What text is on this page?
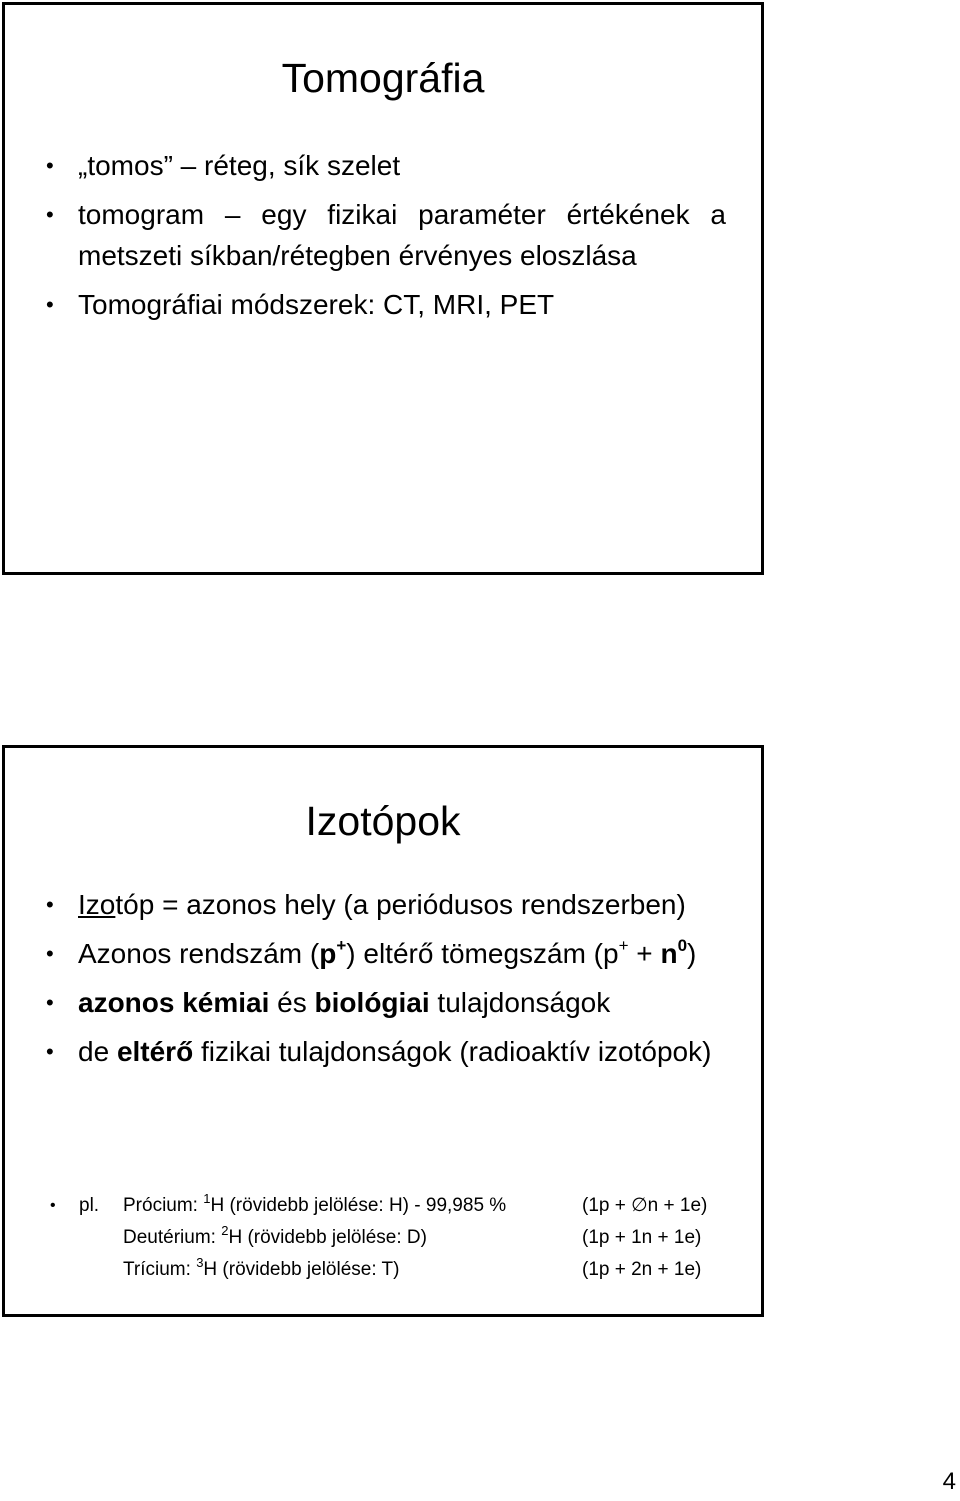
Tomográfia
• „tomos” – réteg, sík szelet
• tomogram – egy fizikai paraméter értékének a metszeti síkban/rétegben érvényes eloszlása
• Tomográfiai módszerek: CT, MRI, PET
Izotópok
• Izotóp = azonos hely (a periódusos rendszerben)
• Azonos rendszám (p+) eltérő tömegszám $(p^+ + n^0)$
• azonos kémiai és biológiai tulajdonságok
• de eltérő fizikai tulajdonságok (radioaktív izotópok)
• pl. Prócium: $^1$H (rövidebb jelölése: H) - 99,985 %	(1p + ∅n + 1e)
Deutérium: $^2$H (rövidebb jelölése: D)	(1p + 1n + 1e)
Trícium: $^3$H (rövidebb jelölése: T)	(1p + 2n + 1e)
4
